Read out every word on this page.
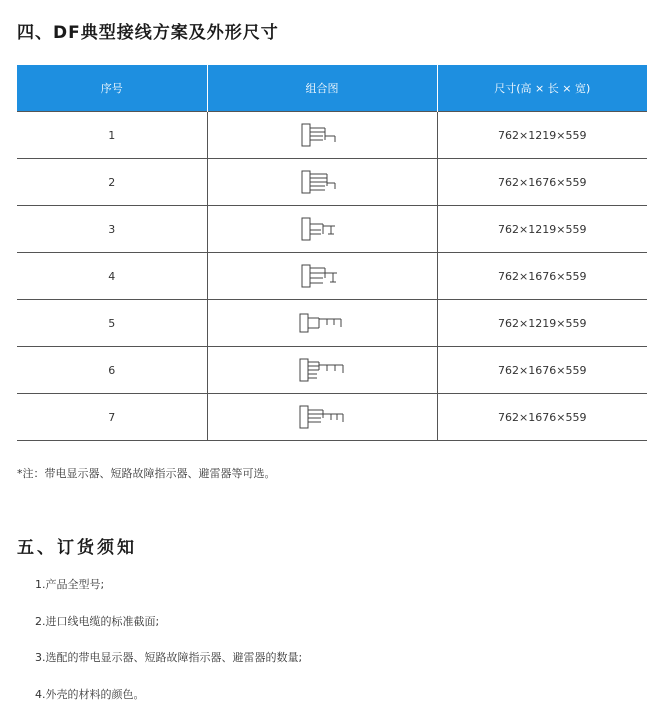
四、DF典型接线方案及外形尺寸
序号	组合图	尺寸(高 × 长 × 宽)
1		762×1219×559
2		762×1676×559
3		762×1219×559
4		762×1676×559
5		762×1219×559
6		762×1676×559
7		762×1676×559
*注：带电显示器、短路故障指示器、避雷器等可选。
五、订货须知
1.产品全型号;
2.进口线电缆的标准截面;
3.选配的带电显示器、短路故障指示器、避雷器的数量;
4.外壳的材料的颜色。
